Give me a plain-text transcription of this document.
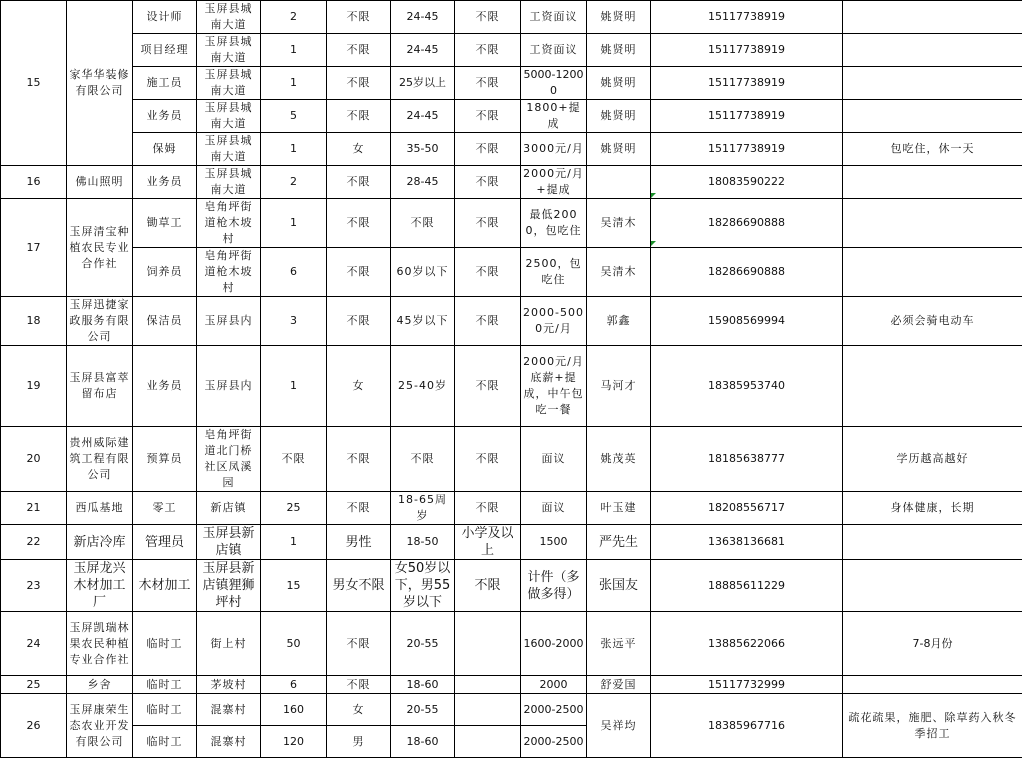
15	家华华装修有限公司	设计师	玉屏县城南大道	2	不限	24-45	不限	工资面议	姚贤明	15117738919	
		项目经理	玉屏县城南大道	1	不限	24-45	不限	工资面议	姚贤明	15117738919	
		施工员	玉屏县城南大道	1	不限	25岁以上	不限	5000-12000	姚贤明	15117738919	
		业务员	玉屏县城南大道	5	不限	24-45	不限	1800+提成	姚贤明	15117738919	
		保姆	玉屏县城南大道	1	女	35-50	不限	3000元/月	姚贤明	15117738919	包吃住，休一天
16	佛山照明	业务员	玉屏县城南大道	2	不限	28-45	不限	2000元/月+提成		18083590222	
17	玉屏清宝种植农民专业合作社	锄草工	皂角坪街道枪木坡村	1	不限	不限	不限	最低2000，包吃住	吴清木	18286690888	
		饲养员	皂角坪街道枪木坡村	6	不限	60岁以下	不限	2500，包吃住	吴清木	18286690888	
18	玉屏迅捷家政服务有限公司	保洁员	玉屏县内	3	不限	45岁以下	不限	2000-5000元/月	郭鑫	15908569994	必须会骑电动车
19	玉屏县富萃留布店	业务员	玉屏县内	1	女	25-40岁	不限	2000元/月底薪+提成，中午包吃一餐	马河才	18385953740	
20	贵州威际建筑工程有限公司	预算员	皂角坪街道北门桥社区凤溪园	不限	不限	不限	不限	面议	姚茂英	18185638777	学历越高越好
21	西瓜基地	零工	新店镇	25	不限	18-65周岁	不限	面议	叶玉建	18208556717	身体健康，长期
22	新店冷库	管理员	玉屏县新店镇	1	男性	18-50	小学及以上	1500	严先生	13638136681	
23	玉屏龙兴木材加工厂	木材加工	玉屏县新店镇狸狮坪村	15	男女不限	女50岁以下，男55岁以下	不限	计件（多做多得）	张国友	18885611229	
24	玉屏凯瑞林果农民种植专业合作社	临时工	街上村	50	不限	20-55		1600-2000	张远平	13885622066	7-8月份
25	乡舍	临时工	茅坡村	6	不限	18-60		2000	舒爱国	15117732999	
26	玉屏康荣生态农业开发有限公司	临时工	混寨村	160	女	20-55		2000-2500	吴祥均	18385967716	疏花疏果，施肥、除草药入秋冬季招工
		临时工	混寨村	120	男	18-60		2000-2500			
